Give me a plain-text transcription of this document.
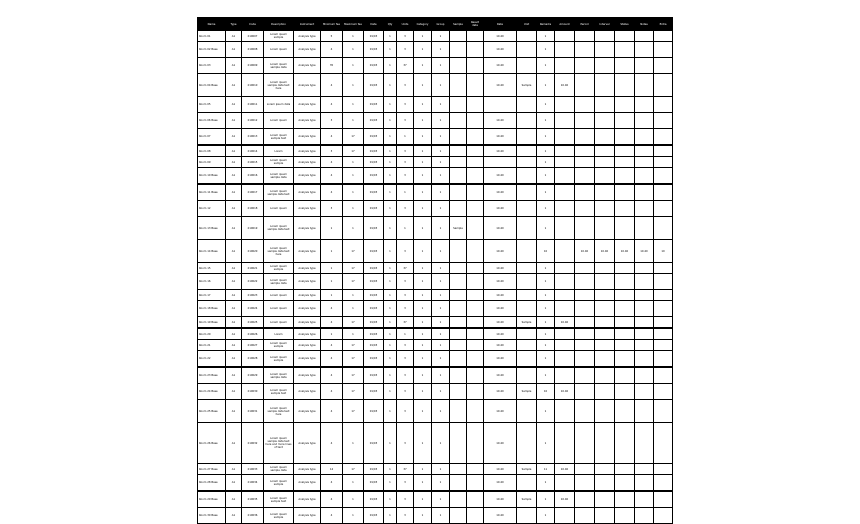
Name	Type	Code	Description	Instrument	Minimum fee	Maximum fee	Date	Qty	Units	Category	Group	Sample	Result date	Rate	Unit	Remarks	Amount	Period	Interval	Status	Notes	Extra
Room 01	A1	210007	Lorem ipsum sample	Analysis type	5	1	01/03	1	3	1	1			10.40		1						
Room 02 Base	A1	210008	Lorem ipsum	Analysis type	4	1	01/03	1	3	1	1			10.40		1						
Room 03	A1	210009	Lorem ipsum sample data	Analysis type	35	1	01/03	1	37	1	1			10.40		1						
Room 04 Base	A1	210010	Lorem ipsum sample data text here	Analysis type	4	1	01/03	1	3	1	1			10.40	Sample	1	10.40					
Room 05	A1	210011	Lorem ipsum data	Analysis type	4	1	01/03	1	3	1	1					1						
Room 06 Base	A1	210012	Lorem ipsum	Analysis type	3	1	01/03	1	3	1	1			10.40		1						
Room 07	A1	210013	Lorem ipsum sample text	Analysis type	4	17	01/03	1	1	1	1			10.40		1						
Room 08	A1	210014	Lorem	Analysis type	3	17	01/03	1	3	1	1			10.40		1						
Room 09	A1	210015	Lorem ipsum sample	Analysis type	4	1	01/03	1	3	1	1					1						
Room 10 Base	A1	210016	Lorem ipsum sample data	Analysis type	4	1	01/03	1	3	1	1			10.40		1						
Room 11 Base	A1	210017	Lorem ipsum sample data text	Analysis type	4	1	01/03	1	1	1	1			10.40		1						
Room 12	A1	210018	Lorem ipsum	Analysis type	3	1	01/03	1	3	1	1			10.40		1						
Room 13 Base	A1	210019	Lorem ipsum sample data text	Analysis type	1	1	01/03	1	1	1	1	Sample		10.40		1						
Room 14 Base	A1	210020	Lorem ipsum sample data text here	Analysis type	1	17	01/03	1	3	1	1			10.40		10		10.40	10.40	10.40	10.40	10
Room 15	A1	210021	Lorem ipsum sample	Analysis type	1	17	01/03	1	37	1	1			10.40		1						
Room 16	A1	210022	Lorem ipsum sample data	Analysis type	1	17	01/03	1	3	1	1			10.40		1						
Room 17	A1	210023	Lorem ipsum	Analysis type	1	1	01/03	1	3	1	1			10.40		1						
Room 18 Base	A1	210024	Lorem ipsum	Analysis type	4	1	01/03	1	3	1	1			10.40		1						
Room 19 Base	A1	210025	Lorem ipsum	Analysis type	4	17	01/03	1	37	1	1			10.40	Sample	1	10.40					
Room 20	A1	210026	Lorem	Analysis type	1	1	01/03	1	1	1	1			10.40		1						
Room 21	A1	210027	Lorem ipsum sample	Analysis type	4	17	01/03	1	3	1	1			10.40		1						
Room 22	A1	210028	Lorem ipsum sample	Analysis type	4	17	01/03	1	3	1	1			10.40		1						
Room 23 Base	A1	210029	Lorem ipsum sample data	Analysis type	4	17	01/03	1	3	1	1			10.40		1						
Room 24 Base	A1	210030	Lorem ipsum sample text	Analysis type	4	17	01/03	1	3	1	1			10.40	Sample	10	10.40					
Room 25 Base	A1	210031	Lorem ipsum sample data text here	Analysis type	4	17	01/03	1	3	1	1			10.40		1						
Room 26 Base	A1	210032	Lorem ipsum sample data text here and more lines of text	Analysis type	4	1	01/03	1	3	1	1			10.40		1						
Room 27 Base	A1	210033	Lorem ipsum sample data	Analysis type	14	17	01/03	1	37	1	1			10.40	Sample	11	10.40					
Room 28 Base	A1	210034	Lorem ipsum sample	Analysis type	4	1	01/03	1	3	1	1			10.40		1						
Room 29 Base	A1	210035	Lorem ipsum sample text	Analysis type	4	1	01/03	1	3	1	1			10.40	Sample	1	10.40					
Room 30 Base	A1	210036	Lorem ipsum sample	Analysis type	4	1	01/03	1	3	1	1			10.40		1						
